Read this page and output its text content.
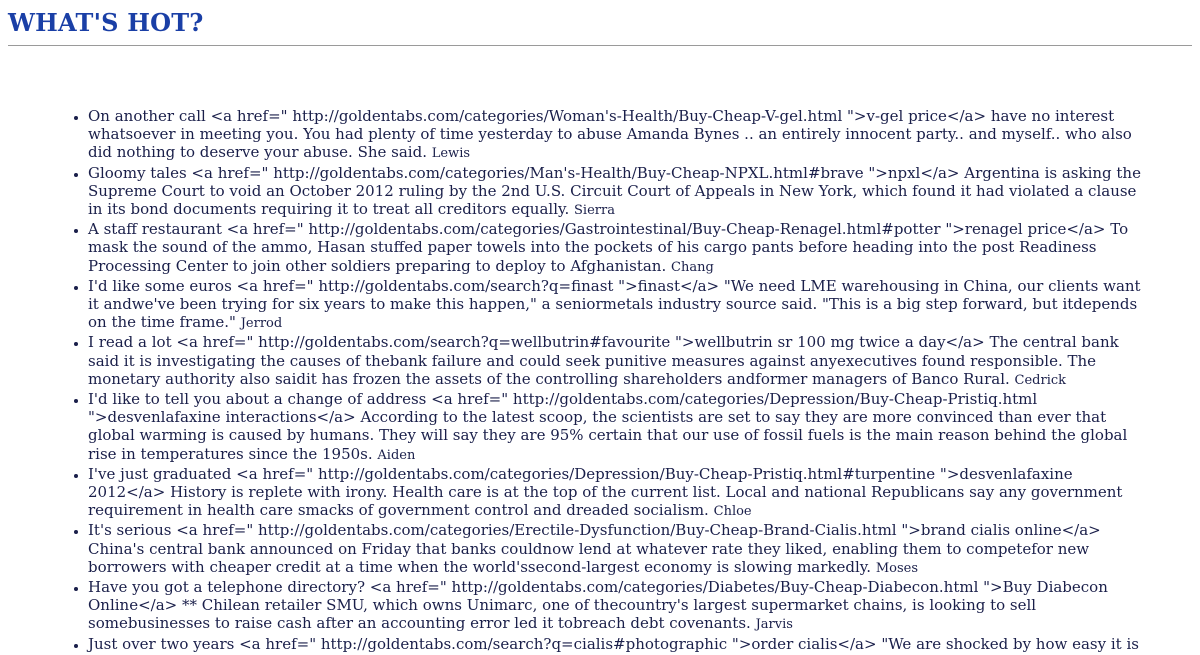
WHAT'S HOT?
• On another call <a href=" http://goldentabs.com/categories/Woman's-Health/Buy-Cheap-V-gel.html ">v-gel price</a> have no interest whatsoever in meeting you. You had plenty of time yesterday to abuse Amanda Bynes .. an entirely innocent party.. and myself.. who also did nothing to deserve your abuse. She said. Lewis
• Gloomy tales <a href=" http://goldentabs.com/categories/Man's-Health/Buy-Cheap-NPXL.html#brave ">npxl</a> Argentina is asking the Supreme Court to void an October 2012 ruling by the 2nd U.S. Circuit Court of Appeals in New York, which found it had violated a clause in its bond documents requiring it to treat all creditors equally. Sierra
• A staff restaurant <a href=" http://goldentabs.com/categories/Gastrointestinal/Buy-Cheap-Renagel.html#potter ">renagel price</a> To mask the sound of the ammo, Hasan stuffed paper towels into the pockets of his cargo pants before heading into the post Readiness Processing Center to join other soldiers preparing to deploy to Afghanistan. Chang
• I'd like some euros <a href=" http://goldentabs.com/search?q=finast ">finast</a> "We need LME warehousing in China, our clients want it andwe've been trying for six years to make this happen," a seniormetals industry source said. "This is a big step forward, but itdepends on the time frame." Jerrod
• I read a lot <a href=" http://goldentabs.com/search?q=wellbutrin#favourite ">wellbutrin sr 100 mg twice a day</a> The central bank said it is investigating the causes of thebank failure and could seek punitive measures against anyexecutives found responsible. The monetary authority also saidit has frozen the assets of the controlling shareholders andformer managers of Banco Rural. Cedrick
• I'd like to tell you about a change of address <a href=" http://goldentabs.com/categories/Depression/Buy-Cheap-Pristiq.html ">desvenlafaxine interactions</a> According to the latest scoop, the scientists are set to say they are more convinced than ever that global warming is caused by humans. They will say they are 95% certain that our use of fossil fuels is the main reason behind the global rise in temperatures since the 1950s. Aiden
• I've just graduated <a href=" http://goldentabs.com/categories/Depression/Buy-Cheap-Pristiq.html#turpentine ">desvenlafaxine 2012</a> History is replete with irony. Health care is at the top of the current list. Local and national Republicans say any government requirement in health care smacks of government control and dreaded socialism. Chloe
• It's serious <a href=" http://goldentabs.com/categories/Erectile-Dysfunction/Buy-Cheap-Brand-Cialis.html ">brand cialis online</a> China's central bank announced on Friday that banks couldnow lend at whatever rate they liked, enabling them to competefor new borrowers with cheaper credit at a time when the world'ssecond-largest economy is slowing markedly. Moses
• Have you got a telephone directory? <a href=" http://goldentabs.com/categories/Diabetes/Buy-Cheap-Diabecon.html ">Buy Diabecon Online</a> ** Chilean retailer SMU, which owns Unimarc, one of thecountry's largest supermarket chains, is looking to sell somebusinesses to raise cash after an accounting error led it tobreach debt covenants. Jarvis
• Just over two years <a href=" http://goldentabs.com/search?q=cialis#photographic ">order cialis</a> "We are shocked by how easy it is
